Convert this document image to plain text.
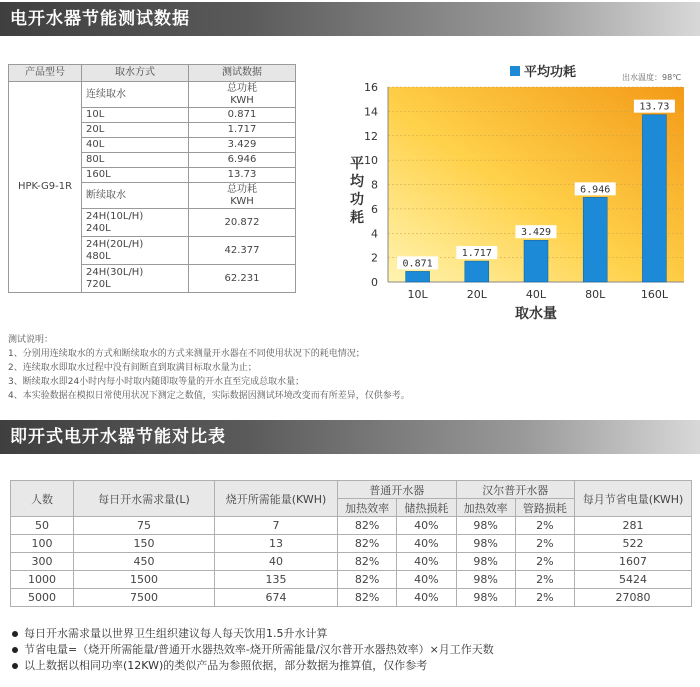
电开水器节能测试数据
产品型号	取水方式	测试数据
HPK-G9-1R	连续取水	总功耗
KWH
	10L	0.871
	20L	1.717
	40L	3.429
	80L	6.946
	160L	13.73
	断续取水	总功耗
KWH
	24H(10L/H)
240L	20.872
	24H(20L/H)
480L	42.377
	24H(30L/H)
720L	62.231
平均功耗	出水温度：98℃
平
均
功
耗
0
2
4
6
8
10
12
14
16
0.871
10L
1.717
20L
3.429
40L
6.946
80L
13.73
160L
取水量
测试说明：
1、分别用连续取水的方式和断续取水的方式来测量开水器在不同使用状况下的耗电情况；
2、连续取水即取水过程中没有间断直到取满目标取水量为止；
3、断续取水即24小时内每小时取内随即取等量的开水直至完成总取水量；
4、本实验数据在模拟日常使用状况下测定之数值，实际数据因测试环境改变而有所差异，仅供参考。
即开式电开水器节能对比表
人数	每日开水需求量(L)	烧开所需能量(KWH)	普通开水器		汉尔普开水器		每月节省电量(KWH)
			加热效率	储热损耗	加热效率	管路损耗	
50	75	7	82%	40%	98%	2%	281
100	150	13	82%	40%	98%	2%	522
300	450	40	82%	40%	98%	2%	1607
1000	1500	135	82%	40%	98%	2%	5424
5000	7500	674	82%	40%	98%	2%	27080
每日开水需求量以世界卫生组织建议每人每天饮用1.5升水计算
节省电量=（烧开所需能量/普通开水器热效率-烧开所需能量/汉尔普开水器热效率）×月工作天数
以上数据以相同功率(12KW)的类似产品为参照依据，部分数据为推算值，仅作参考
